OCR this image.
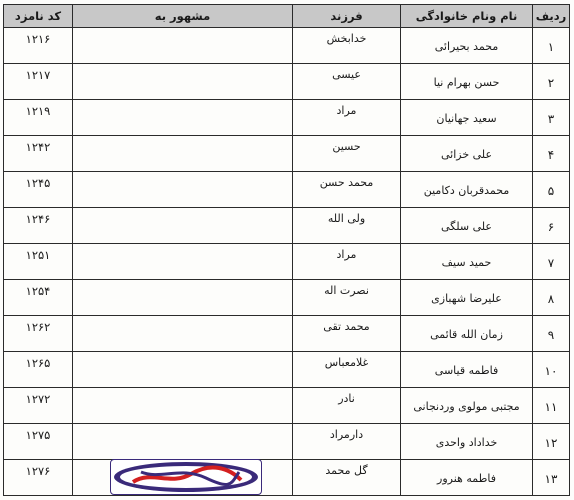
ردیف	نام ونام خانوادگی	فرزند	مشهور به	کد نامزد

۱	محمد بحیرائی	خدابخش		۱۲۱۶

۲	حسن بهرام نیا	عیسی		۱۲۱۷

۳	سعید جهانیان	مراد		۱۲۱۹

۴	علی خزائی	حسین		۱۲۴۲

۵	محمدقربان دکامین	محمد حسن		۱۲۴۵

۶	علی سلگی	ولی الله		۱۲۴۶

۷	حمید سیف	مراد		۱۲۵۱

۸	علیرضا شهبازی	نصرت اله		۱۲۵۴

۹	زمان الله قائمی	محمد تقی		۱۲۶۲

۱۰	فاطمه قیاسی	غلامعباس		۱۲۶۵

۱۱	مجتبی مولوی وردنجانی	نادر		۱۲۷۲

۱۲	خداداد واحدی	دارمراد		۱۲۷۵

۱۳	فاطمه هنرور	گل محمد		۱۲۷۶
